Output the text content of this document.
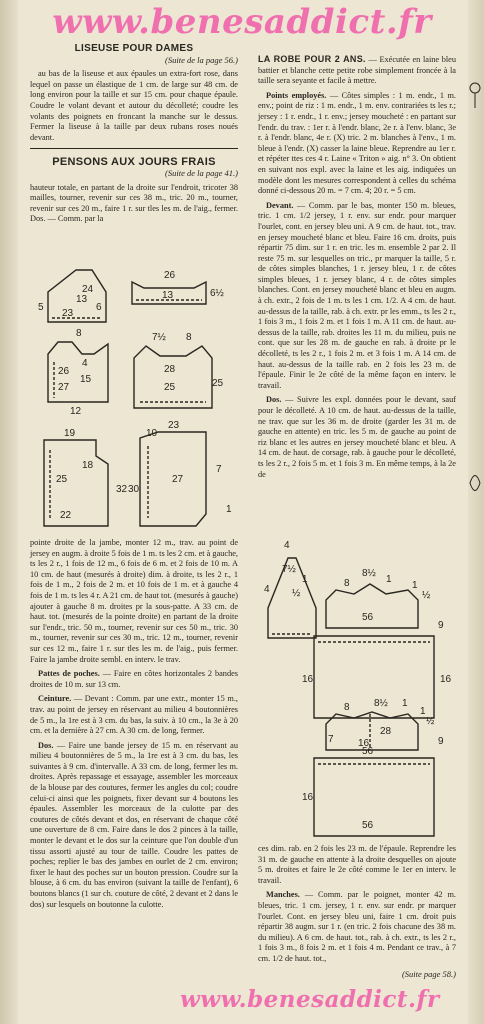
www.benesaddict.fr
LISEUSE POUR DAMES
(Suite de la page 56.)

au bas de la liseuse et aux épaules un extra-fort rose, dans lequel on passe un élastique de 1 cm. de large sur 48 cm. de long environ pour la taille et sur 15 cm. pour chaque épaule. Coudre le volant devant et autour du décolleté; coudre les volants des poignets en froncant la manche sur le dessus. Fermer la liseuse à la taille par deux rubans roses noués devant.

PENSONS AUX JOURS FRAIS
(Suite de la page 41.)

hauteur totale, en partant de la droite sur l'endroit, tricoter 38 mailles, tourner, revenir sur ces 38 m., tric. 20 m., tourner, revenir sur ces 20 m., faire 1 r. sur tles les m. de l'aig., fermer. Dos. — Comm. par la

5
23
13
24
6
26
13	6½
8	7½ 8
28
26
25
27
15
4
25
12
19
23
10
25
18
32 30
22
27
7
1

pointe droite de la jambe, monter 12 m., trav. au point de jersey en augm. à droite 5 fois de 1 m. ts les 2 cm. et à gauche, ts les 2 r., 1 fois de 12 m., 6 fois de 6 m. et 2 fois de 10 m. A 10 cm. de haut (mesurés à droite) dim. à droite, ts les 2 r., 1 fois de 1 m., 2 fois de 2 m. et 10 fois de 1 m. et à gauche 4 fois de 1 m. ts les 4 r. A 21 cm. de haut tot. (mesurés à gauche) ajouter à gauche 8 m. droites pr la sous-patte. A 33 cm. de haut. tot. (mesurés de la pointe droite) en partant de la droite sur l'endr., tric. 50 m., tourner, revenir sur ces 50 m., tric. 30 m., tourner, revenir sur ces 30 m., tric. 12 m., tourner, revenir sur ces 12 m., faire 1 r. sur tles les m. de l'aig., puis fermer. Faire la jambe droite sembl. en interv. le trav.

Pattes de poches. — Faire en côtes horizontales 2 bandes droites de 10 m. sur 13 cm.

Ceinture. — Devant : Comm. par une extr., monter 15 m., trav. au point de jersey en réservant au milieu 4 boutonnières de 5 m., la 1re est à 3 cm. du bas, la suiv. à 10 cm., la 3e à 20 cm. et la dernière à 27 cm. A 30 cm. de long, fermer.

Dos. — Faire une bande jersey de 15 m. en réservant au milieu 4 boutonnières de 5 m., la 1re est à 3 cm. du bas, les suivantes à 9 cm. d'intervalle. A 33 cm. de long, fermer les m. droites. Après repassage et essayage, assembler les morceaux de la blouse par des coutures, fermer les angles du col; coudre celui-ci ainsi que les poignets, fixer devant sur 4 boutons les épaules. Assembler les morceaux de la culotte par des coutures de côtés devant et dos, en réservant de chaque côté une ouverture de 8 cm. Faire dans le dos 2 pinces à la taille, monter le devant et le dos sur la ceinture que l'on double d'un tissu assorti ajusté au tour de taille. Coudre les pattes de poches; replier le bas des jambes en ourlet de 2 cm. environ; fixer le haut des poches sur un bouton pression. Coudre sur la blouse, à 6 cm. du bas environ (suivant la taille de l'enfant), 6 boutons blancs (1 sur ch. couture de côté, 2 devant et 2 dans le dos) sur lesquels on boutonne la culotte.

LA ROBE POUR 2 ANS. — Exécutée en laine bleu battier et blanche cette petite robe simplement froncée à la taille sera seyante et facile à mettre.

Points employés. — Côtes simples : 1 m. endr., 1 m. env.; point de riz : 1 m. endr., 1 m. env. contrariées ts les r.; jersey : 1 r. endr., 1 r. env.; jersey moucheté : en partant sur l'endr. du trav. : 1er r. à l'endr. blanc, 2e r. à l'env. blanc, 3e r. à l'endr. blanc, 4e r. (X) tric. 2 m. blanches à l'env., 1 m. bleue à l'endr. (X) casser la laine bleue. Reprendre au 1er r. et répéter ttes ces 4 r. Laine « Triton » aig. n° 3. On obtient en suivant nos expl. avec la laine et les aig. indiquées un modèle dont les mesures correspondent à celles du schéma donné ci-dessous 20 m. = 7 cm. 4; 20 r. = 5 cm.

Devant. — Comm. par le bas, monter 150 m. bleues, tric. 1 cm. 1/2 jersey, 1 r. env. sur endr. pour marquer l'ourlet, cont. en jersey bleu uni. A 9 cm. de haut. tot., trav. en jersey moucheté blanc et bleu. Faire 16 cm. droits, puis répartir 75 dim. sur 1 r. en tric. les m. ensemble 2 par 2. Il reste 75 m. sur lesquelles on tric., pr marquer la taille, 5 r. de côtes simples blanches, 1 r. jersey bleu, 1 r. de côtes simples bleues, 1 r. jersey blanc, 4 r. de côtes simples blanches. Cont. en jersey moucheté blanc et bleu en augm. à ch. extr., 2 fois de 1 m. ts les 1 cm. 1/2. A 4 cm. de haut. au-dessus de la taille, rab. à ch. extr. pr les emm., ts les 2 r., 1 fois 3 m., 1 fois 2 m. et 1 fois 1 m. A 11 cm. de haut. au-dessus de la taille, rab. droites les 11 m. du milieu, puis ne cont. que sur les 28 m. de gauche en rab. à droite pr le décolleté, ts les 2 r., 1 fois 2 m. et 3 fois 1 m. A 14 cm. de haut. au-dessus de la taille rab. en 2 fois les 23 m. de l'épaule. Finir le 2e côté de la même façon en interv. le travail.

Dos. — Suivre les expl. données pour le devant, sauf pour le décolleté. A 10 cm. de haut. au-dessus de la taille, ne trav. que sur les 36 m. de droite (garder les 31 m. de gauche en attente) en tric. les 5 m. de gauche au point de riz blanc et les autres en jersey moucheté blanc et bleu. A 14 cm. de haut. de corsage, rab. à gauche pour le décolleté, ts les 2 r., 2 fois 5 m. et 1 fois 3 m. En même temps, à la 2e de

4
7½
1
4 ½
8
8½
1
1
½
56
16
9
16
8 8½ 1
1
½
28
7 16	9
56
16
56

ces dim. rab. en 2 fois les 23 m. de l'épaule. Reprendre les 31 m. de gauche en attente à la droite desquelles on ajoute 5 m. droites et faire le 2e côté comme le 1er en interv. le travail.

Manches. — Comm. par le poignet, monter 42 m. bleues, tric. 1 cm. jersey, 1 r. env. sur endr. pr marquer l'ourlet. Cont. en jersey bleu uni, faire 1 cm. droit puis répartir 38 augm. sur 1 r. (en tric. 2 fois chacune des 38 m. du milieu). A 6 cm. de haut. tot., rab. à ch. extr., ts les 2 r., 1 fois 3 m., 8 fois 2 m. et 1 fois 4 m. Pendant ce trav., à 7 cm. 1/2 de haut. tot.,

(Suite page 58.)
www.benesaddict.fr
